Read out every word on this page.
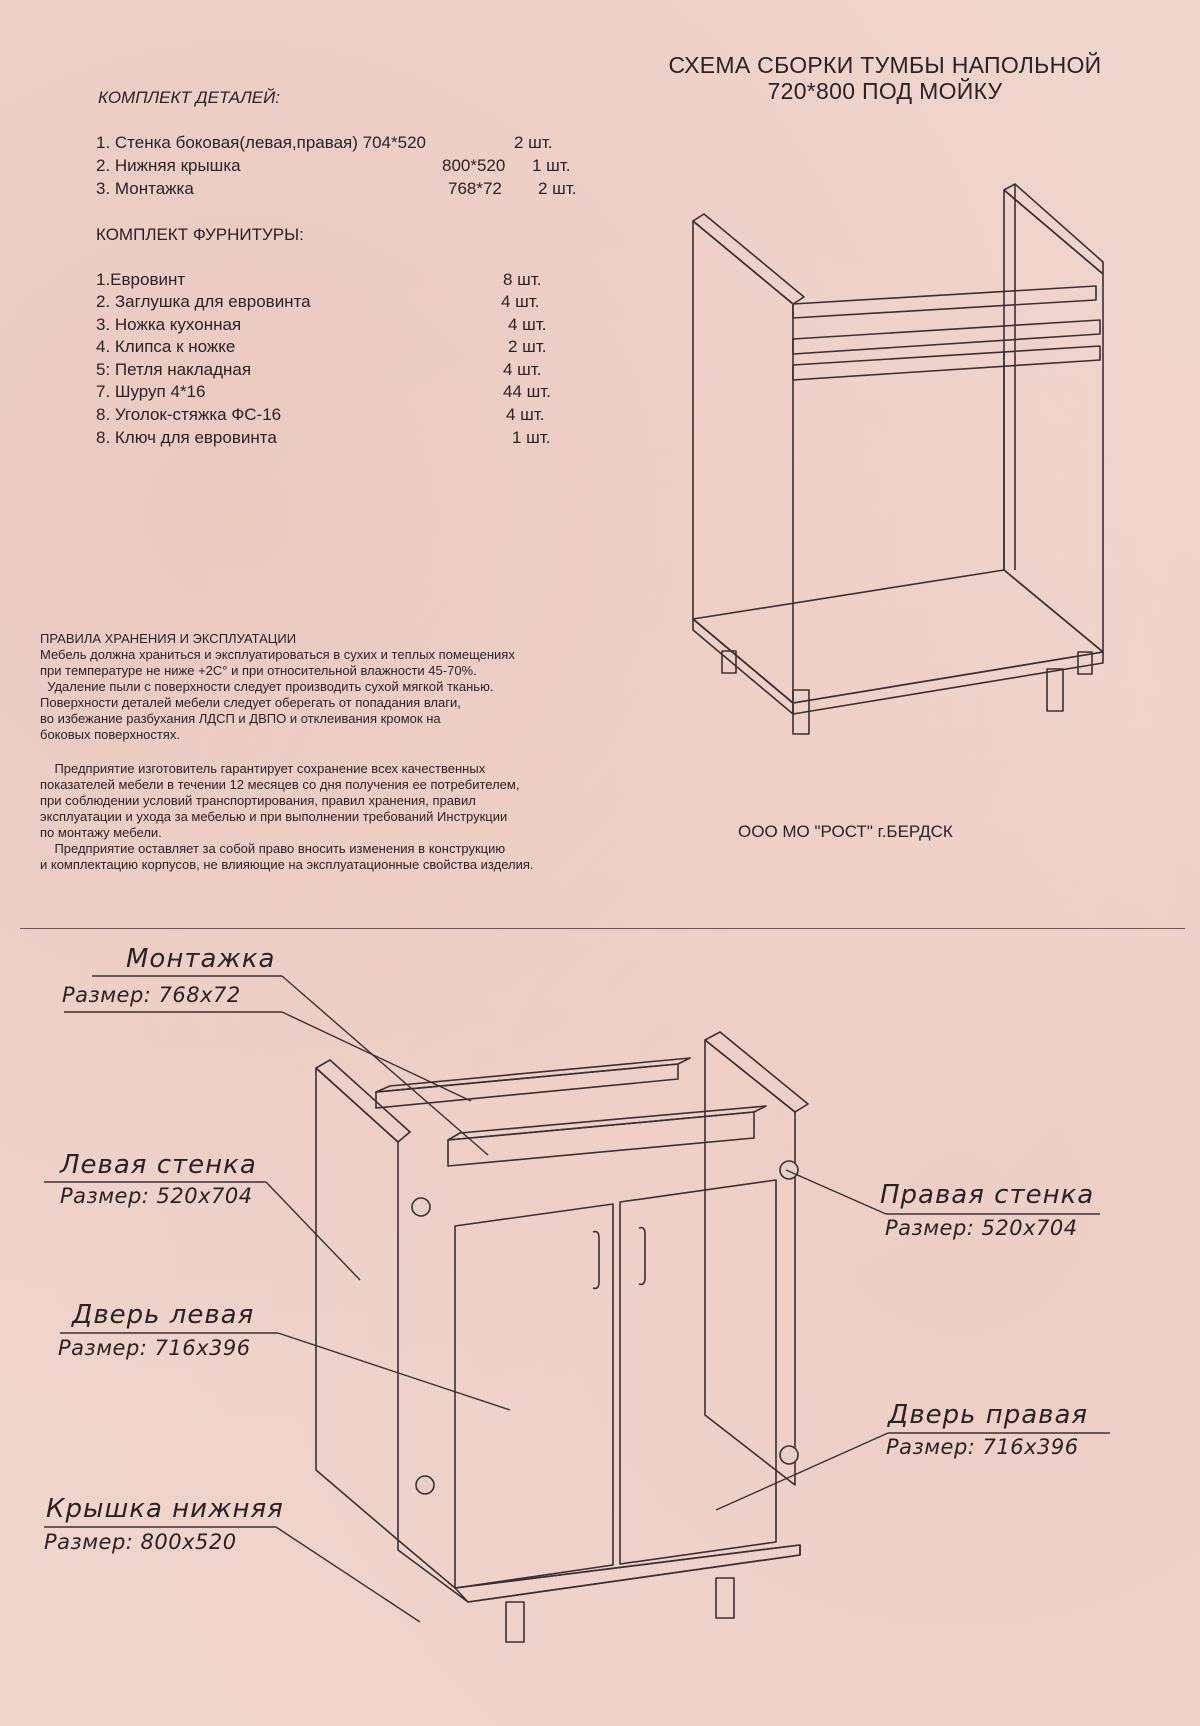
СХЕМА СБОРКИ ТУМБЫ НАПОЛЬНОЙ
720*800 ПОД МОЙКУ
КОМПЛЕКТ ДЕТАЛЕЙ:
1. Стенка боковая(левая,правая) 704*520	2 шт.
2. Нижняя крышка	800*520 1 шт.
3. Монтажка	768*72 2 шт.
КОМПЛЕКТ ФУРНИТУРЫ:
1.Евровинт	8 шт.
2. Заглушка для евровинта	4 шт.
3. Ножка кухонная	4 шт.
4. Клипса к ножке	2 шт.
5: Петля накладная	4 шт.
7. Шуруп 4*16	44 шт.
8. Уголок-стяжка ФС-16	4 шт.
8. Ключ для евровинта	1 шт.

ПРАВИЛА ХРАНЕНИЯ И ЭКСПЛУАТАЦИИ

Мебель должна храниться и эксплуатироваться в сухих и теплых помещениях

при температуре не ниже +2С° и при относительной влажности 45-70%.

Удаление пыли с поверхности следует производить сухой мягкой тканью.

Поверхности деталей мебели следует оберегать от попадания влаги,

во избежание разбухания ЛДСП и ДВПО и отклеивания кромок на

боковых поверхностях.

Предприятие изготовитель гарантирует сохранение всех качественных

показателей мебели в течении 12 месяцев со дня получения ее потребителем,

при соблюдении условий транспортирования, правил хранения, правил

эксплуатации и ухода за мебелью и при выполнении требований Инструкции

по монтажу мебели.

Предприятие оставляет за собой право вносить изменения в конструкцию

и комплектацию корпусов, не влияющие на эксплуатационные свойства изделия.

ООО МО "РОСТ" г.БЕРДСК
Монтажка
Размер: 768x72
Левая стенка
Размер: 520x704	Правая стенка
Размер: 520x704
Дверь левая
Размер: 716x396
Дверь правая
Размер: 716x396
Крышка нижняя
Размер: 800x520
